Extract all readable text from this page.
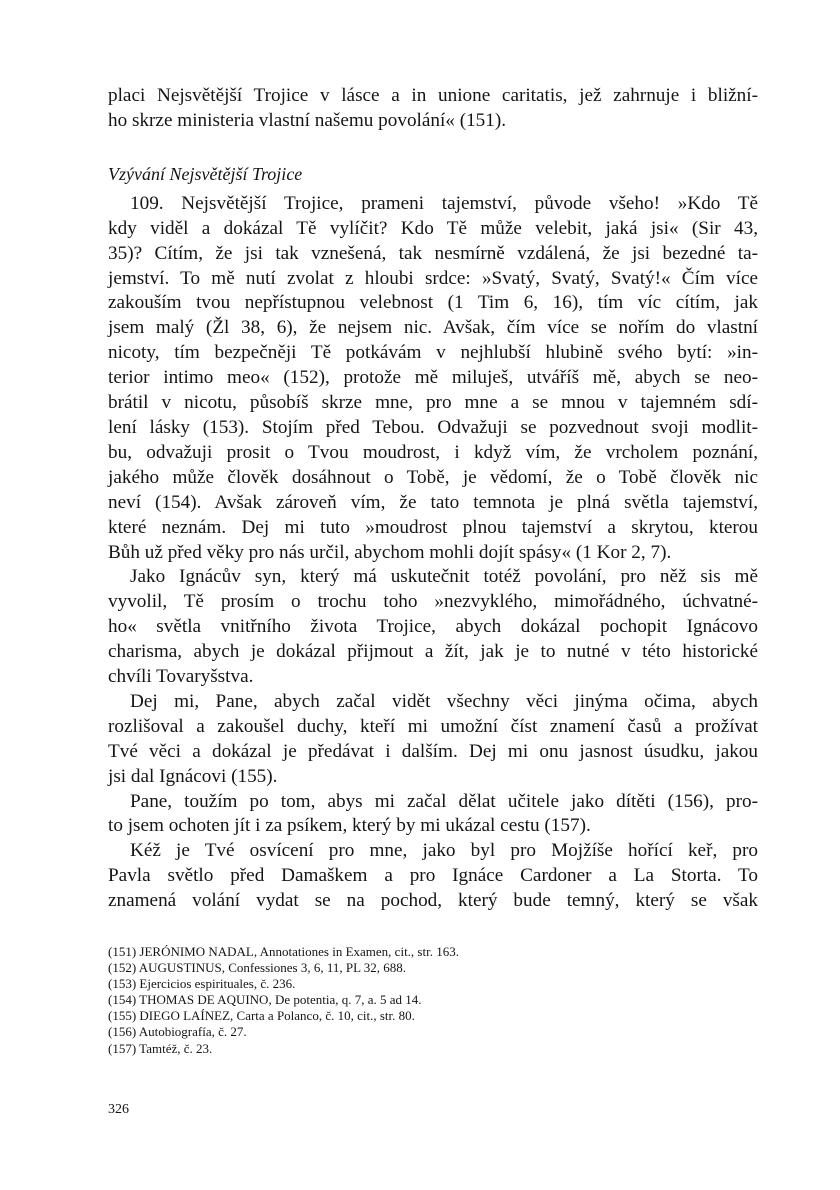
placi Nejsvětější Trojice v lásce a in unione caritatis, jež zahrnuje i bližní-
ho skrze ministeria vlastní našemu povolání« (151).
Vzývání Nejsvětější Trojice
109. Nejsvětější Trojice, prameni tajemství, původe všeho! »Kdo Tě
kdy viděl a dokázal Tě vylíčit? Kdo Tě může velebit, jaká jsi« (Sir 43,
35)? Cítím, že jsi tak vznešená, tak nesmírně vzdálená, že jsi bezedné ta-
jemství. To mě nutí zvolat z hloubi srdce: »Svatý, Svatý, Svatý!« Čím více
zakouším tvou nepřístupnou velebnost (1 Tim 6, 16), tím víc cítím, jak
jsem malý (Žl 38, 6), že nejsem nic. Avšak, čím více se nořím do vlastní
nicoty, tím bezpečněji Tě potkávám v nejhlubší hlubině svého bytí: »in-
terior intimo meo« (152), protože mě miluješ, utváříš mě, abych se neo-
brátil v nicotu, působíš skrze mne, pro mne a se mnou v tajemném sdí-
lení lásky (153). Stojím před Tebou. Odvažuji se pozvednout svoji modlit-
bu, odvažuji prosit o Tvou moudrost, i když vím, že vrcholem poznání,
jakého může člověk dosáhnout o Tobě, je vědomí, že o Tobě člověk nic
neví (154). Avšak zároveň vím, že tato temnota je plná světla tajemství,
které neznám. Dej mi tuto »moudrost plnou tajemství a skrytou, kterou
Bůh už před věky pro nás určil, abychom mohli dojít spásy« (1 Kor 2, 7).
Jako Ignácův syn, který má uskutečnit totéž povolání, pro něž sis mě
vyvolil, Tě prosím o trochu toho »nezvyklého, mimořádného, úchvatné-
ho« světla vnitřního života Trojice, abych dokázal pochopit Ignácovo
charisma, abych je dokázal přijmout a žít, jak je to nutné v této historické
chvíli Tovaryšstva.
Dej mi, Pane, abych začal vidět všechny věci jinýma očima, abych
rozlišoval a zakoušel duchy, kteří mi umožní číst znamení časů a prožívat
Tvé věci a dokázal je předávat i dalším. Dej mi onu jasnost úsudku, jakou
jsi dal Ignácovi (155).
Pane, toužím po tom, abys mi začal dělat učitele jako dítěti (156), pro-
to jsem ochoten jít i za psíkem, který by mi ukázal cestu (157).
Kéž je Tvé osvícení pro mne, jako byl pro Mojžíše hořící keř, pro
Pavla světlo před Damaškem a pro Ignáce Cardoner a La Storta. To
znamená volání vydat se na pochod, který bude temný, který se však
(151) JERÓNIMO NADAL, Annotationes in Examen, cit., str. 163.
(152) AUGUSTINUS, Confessiones 3, 6, 11, PL 32, 688.
(153) Ejercicios espirituales, č. 236.
(154) THOMAS DE AQUINO, De potentia, q. 7, a. 5 ad 14.
(155) DIEGO LAÍNEZ, Carta a Polanco, č. 10, cit., str. 80.
(156) Autobiografía, č. 27.
(157) Tamtéž, č. 23.
326
